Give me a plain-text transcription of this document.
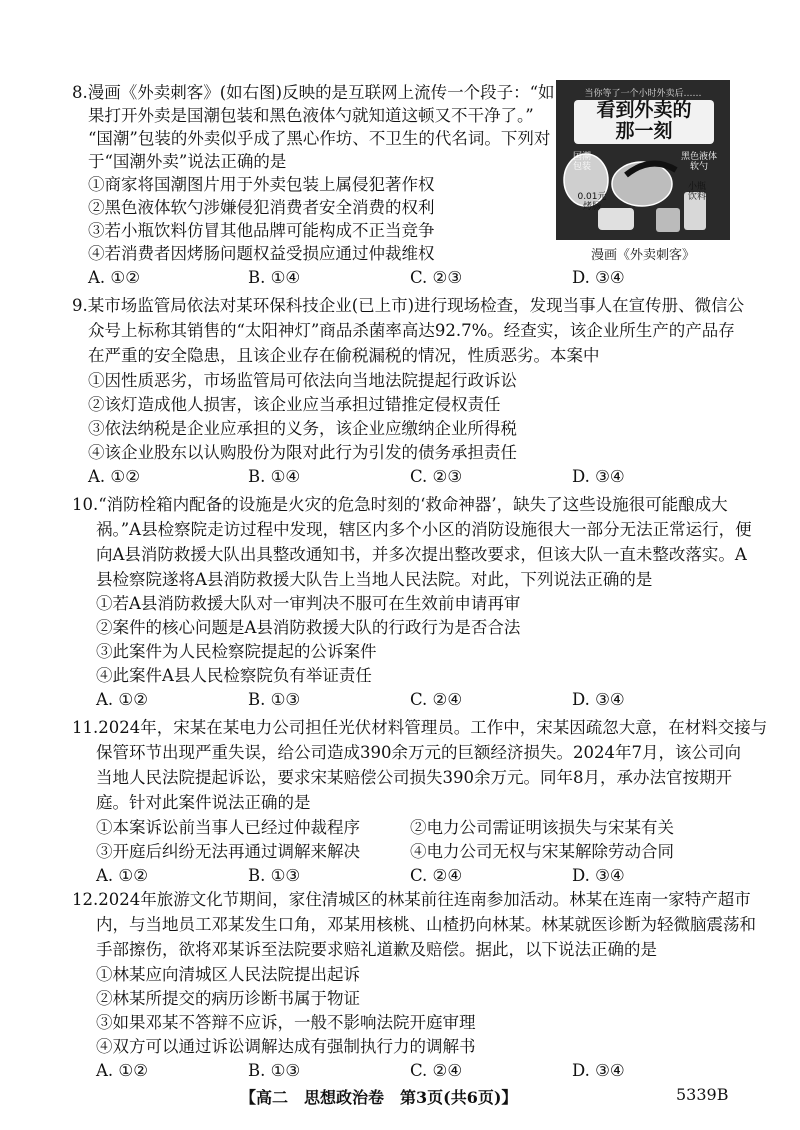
8.漫画《外卖刺客》(如右图)反映的是互联网上流传一个段子：“如
果打开外卖是国潮包装和黑色液体勺就知道这顿又不干净了。”
“国潮”包装的外卖似乎成了黑心作坊、不卫生的代名词。下列对
于“国潮外卖”说法正确的是
①商家将国潮图片用于外卖包装上属侵犯著作权
②黑色液体软勺涉嫌侵犯消费者安全消费的权利
③若小瓶饮料仿冒其他品牌可能构成不正当竞争
④若消费者因烤肠问题权益受损应通过仲裁维权
A. ①②	B. ①④	C. ②③	D. ③④
当你等了一个小时外卖后……
看到外卖的
那一刻
国潮
包装
黑色液体
软勺
0.01元
烤肠
小瓶
饮料
漫画《外卖刺客》
9.某市场监管局依法对某环保科技企业(已上市)进行现场检查，发现当事人在宣传册、微信公
众号上标称其销售的“太阳神灯”商品杀菌率高达92.7%。经查实，该企业所生产的产品存
在严重的安全隐患，且该企业存在偷税漏税的情况，性质恶劣。本案中
①因性质恶劣，市场监管局可依法向当地法院提起行政诉讼
②该灯造成他人损害，该企业应当承担过错推定侵权责任
③依法纳税是企业应承担的义务，该企业应缴纳企业所得税
④该企业股东以认购股份为限对此行为引发的债务承担责任
A. ①②	B. ①④	C. ②③	D. ③④
10.“消防栓箱内配备的设施是火灾的危急时刻的‘救命神器’，缺失了这些设施很可能酿成大
祸。”A县检察院走访过程中发现，辖区内多个小区的消防设施很大一部分无法正常运行，便
向A县消防救援大队出具整改通知书，并多次提出整改要求，但该大队一直未整改落实。A
县检察院遂将A县消防救援大队告上当地人民法院。对此，下列说法正确的是
①若A县消防救援大队对一审判决不服可在生效前申请再审
②案件的核心问题是A县消防救援大队的行政行为是否合法
③此案件为人民检察院提起的公诉案件
④此案件A县人民检察院负有举证责任
A. ①②	B. ①③	C. ②④	D. ③④
11.2024年，宋某在某电力公司担任光伏材料管理员。工作中，宋某因疏忽大意，在材料交接与
保管环节出现严重失误，给公司造成390余万元的巨额经济损失。2024年7月，该公司向
当地人民法院提起诉讼，要求宋某赔偿公司损失390余万元。同年8月，承办法官按期开
庭。针对此案件说法正确的是
①本案诉讼前当事人已经过仲裁程序	②电力公司需证明该损失与宋某有关
③开庭后纠纷无法再通过调解来解决	④电力公司无权与宋某解除劳动合同
A. ①②	B. ①③	C. ②④	D. ③④
12.2024年旅游文化节期间，家住清城区的林某前往连南参加活动。林某在连南一家特产超市
内，与当地员工邓某发生口角，邓某用核桃、山楂扔向林某。林某就医诊断为轻微脑震荡和
手部擦伤，欲将邓某诉至法院要求赔礼道歉及赔偿。据此，以下说法正确的是
①林某应向清城区人民法院提出起诉
②林某所提交的病历诊断书属于物证
③如果邓某不答辩不应诉，一般不影响法院开庭审理
④双方可以通过诉讼调解达成有强制执行力的调解书
A. ①②	B. ①③	C. ②④	D. ③④
【高二　思想政治卷　第3页(共6页)】	5339B
